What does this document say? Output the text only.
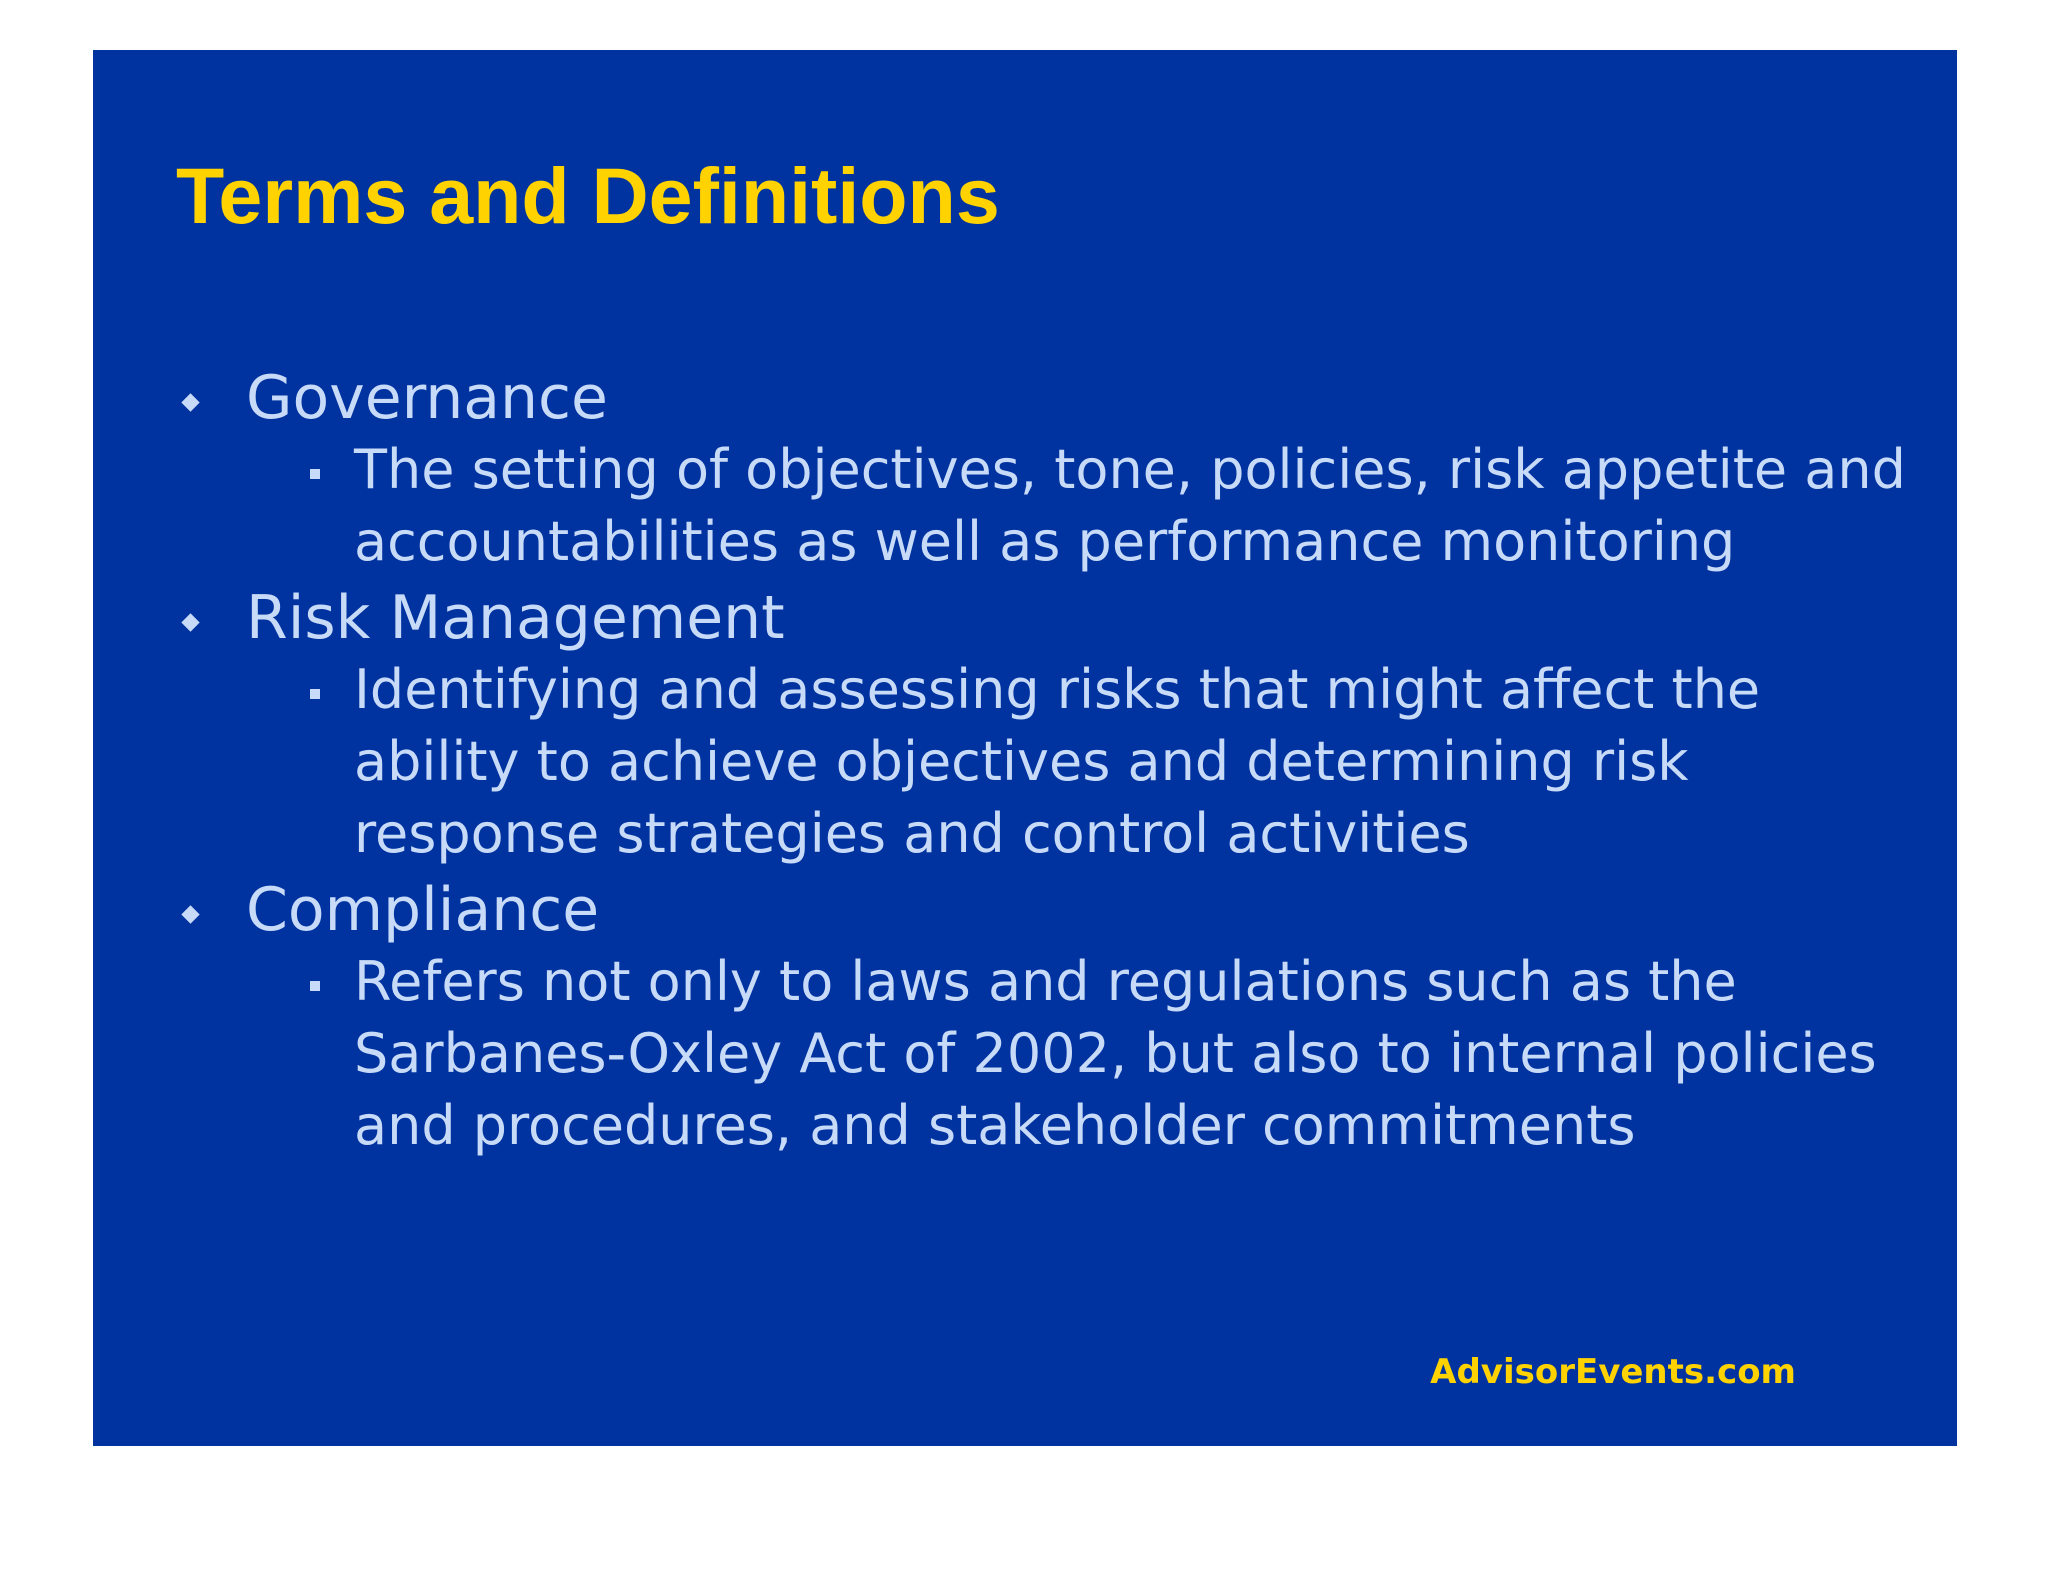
Terms and Definitions
Governance
The setting of objectives, tone, policies, risk appetite and accountabilities as well as performance monitoring
Risk Management
Identifying and assessing risks that might affect the ability to achieve objectives and determining risk response strategies and control activities
Compliance
Refers not only to laws and regulations such as the Sarbanes-Oxley Act of 2002, but also to internal policies and procedures, and stakeholder commitments

AdvisorEvents.com
